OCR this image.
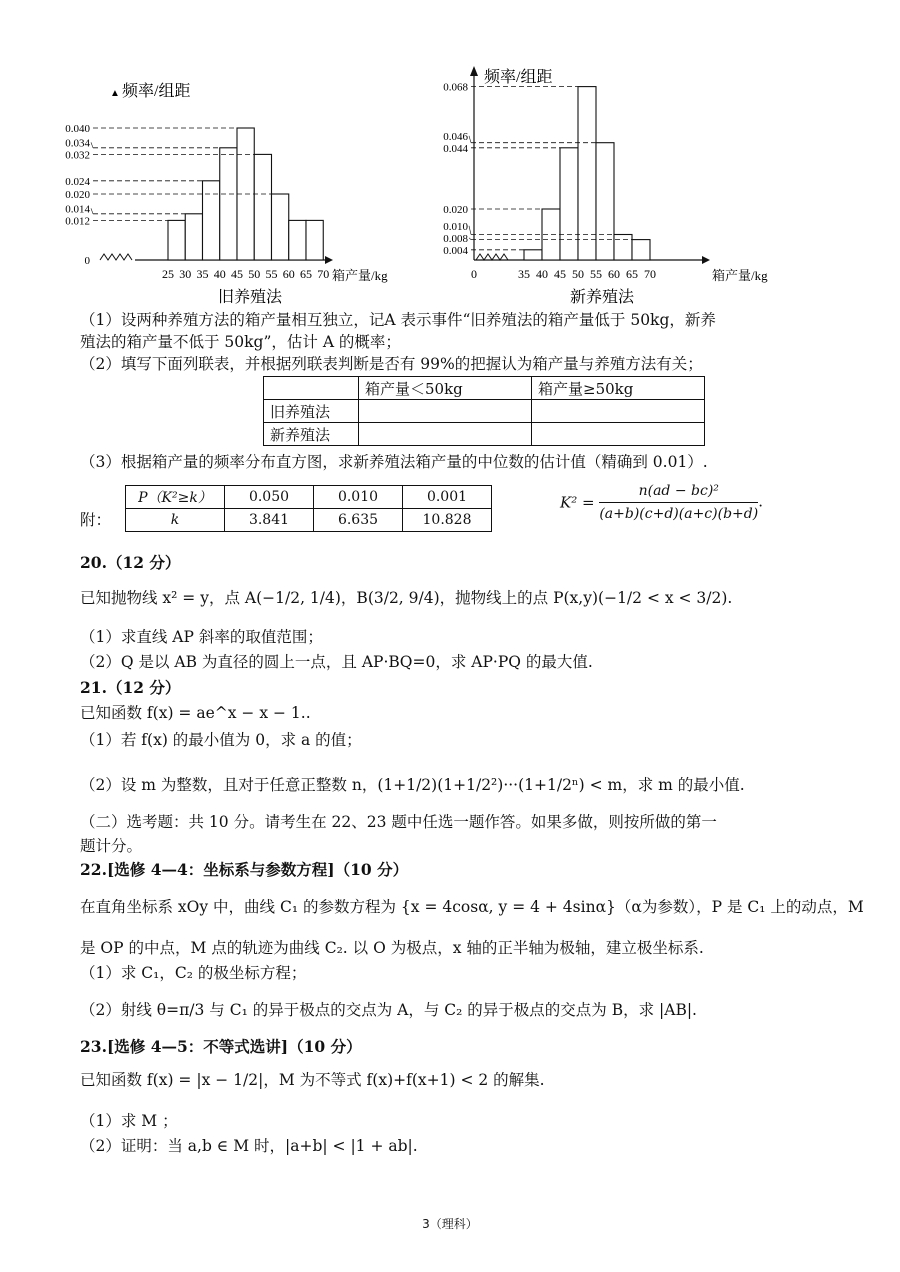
0
0.012
0.014
0.020
0.024
0.032
0.034
0.040
25 30 35 40 45 50 55 60 65 70
▲ 频率/组距
旧养殖法
箱产量/kg
0.004
0.008
0.010
0.020
0.044
0.046
0.068
0	35 40 45 50 55 60 65 70
频率/组距
新养殖法
箱产量/kg
（1）设两种养殖方法的箱产量相互独立，记A 表示事件“旧养殖法的箱产量低于 50kg，新养
殖法的箱产量不低于 50kg”，估计 A 的概率；
（2）填写下面列联表，并根据列联表判断是否有 99%的把握认为箱产量与养殖方法有关；
	箱产量＜50kg	箱产量≥50kg
旧养殖法		
新养殖法		
（3）根据箱产量的频率分布直方图，求新养殖法箱产量的中位数的估计值（精确到 0.01）.
附：
P（K²≥k）	0.050	0.010	0.001
k	3.841	6.635	10.828
$K^2 = \frac{\text{n(ad − bc)²}}{(a+b)(c+d)(a+c)(b+d)}$ .
20.（12 分）
已知抛物线 x² = y，点 A(−1/2, 1/4)，B(3/2, 9/4)，抛物线上的点 P(x,y)(−1/2 < x < 3/2).
（1）求直线 AP 斜率的取值范围；
（2）Q 是以 AB 为直径的圆上一点，且 AP·BQ=0，求 AP·PQ 的最大值.
21.（12 分）
已知函数 f(x) = ae^x − x − 1..
（1）若 f(x) 的最小值为 0，求 a 的值；
（2）设 m 为整数，且对于任意正整数 n，(1+1/2)(1+1/2²)···(1+1/2ⁿ) < m，求 m 的最小值.
（二）选考题：共 10 分。请考生在 22、23 题中任选一题作答。如果多做，则按所做的第一
题计分。
22.[选修 4—4：坐标系与参数方程]（10 分）
在直角坐标系 xOy 中，曲线 C₁ 的参数方程为 {x = 4cosα, y = 4 + 4sinα}（α为参数），P 是 C₁ 上的动点，M
是 OP 的中点，M 点的轨迹为曲线 C₂. 以 O 为极点，x 轴的正半轴为极轴，建立极坐标系.
（1）求 C₁，C₂ 的极坐标方程；
（2）射线 θ=π/3 与 C₁ 的异于极点的交点为 A，与 C₂ 的异于极点的交点为 B，求 |AB|.
23.[选修 4—5：不等式选讲]（10 分）
已知函数 f(x) = |x − 1/2|，M 为不等式 f(x)+f(x+1) < 2 的解集.
（1）求 M ；
（2）证明：当 a,b ∈ M 时，|a+b| < |1 + ab|.
3（理科）
